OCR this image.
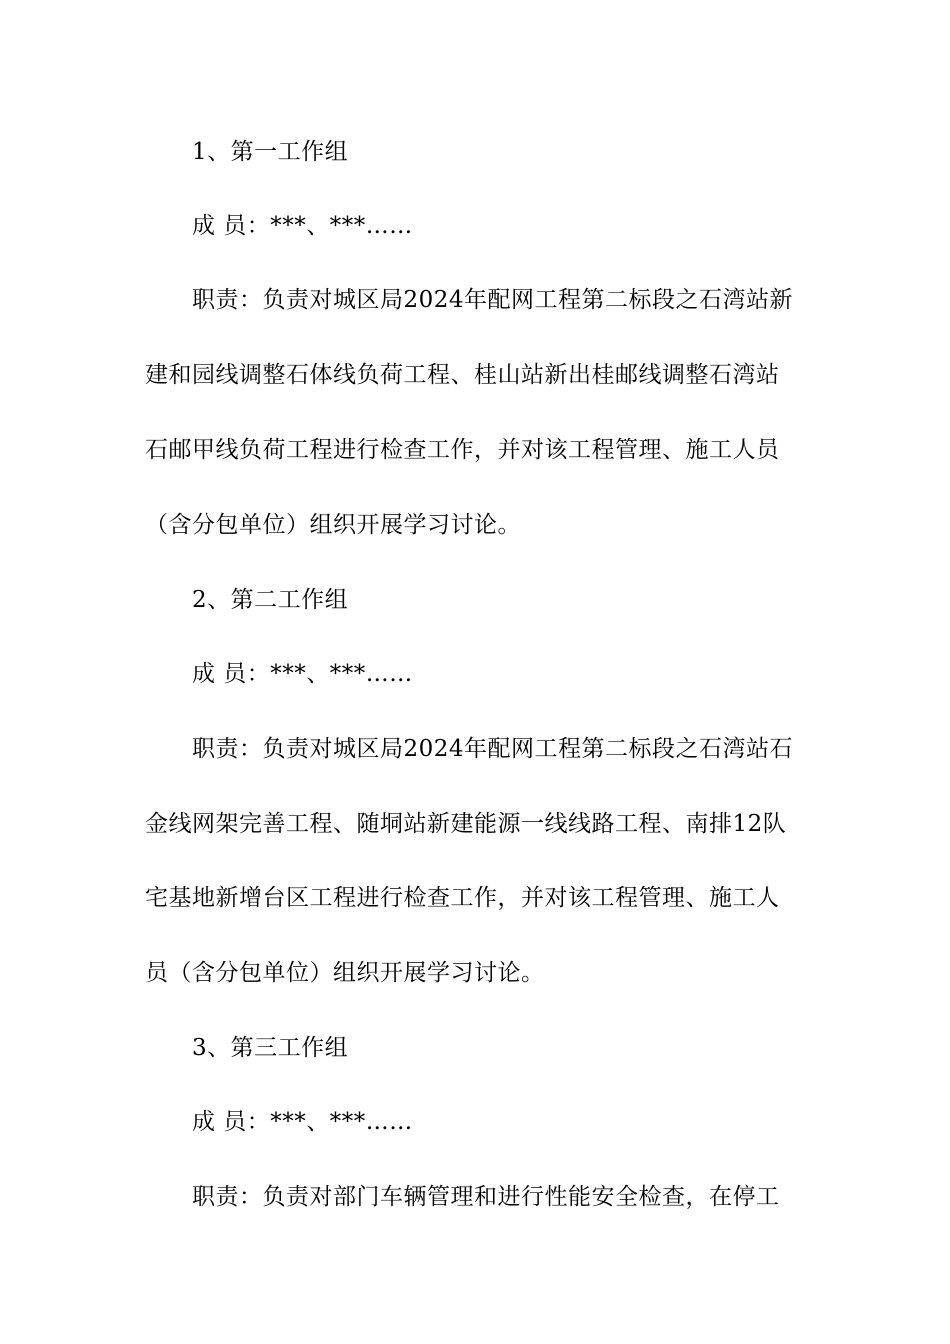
1、第一工作组
成 员：***、***……
职责：负责对城区局2024年配网工程第二标段之石湾站新
建和园线调整石体线负荷工程、桂山站新出桂邮线调整石湾站
石邮甲线负荷工程进行检查工作，并对该工程管理、施工人员
（含分包单位）组织开展学习讨论。
2、第二工作组
成 员：***、***……
职责：负责对城区局2024年配网工程第二标段之石湾站石
金线网架完善工程、随垌站新建能源一线线路工程、南排12队
宅基地新增台区工程进行检查工作，并对该工程管理、施工人
员（含分包单位）组织开展学习讨论。
3、第三工作组
成 员：***、***……
职责：负责对部门车辆管理和进行性能安全检查，在停工
